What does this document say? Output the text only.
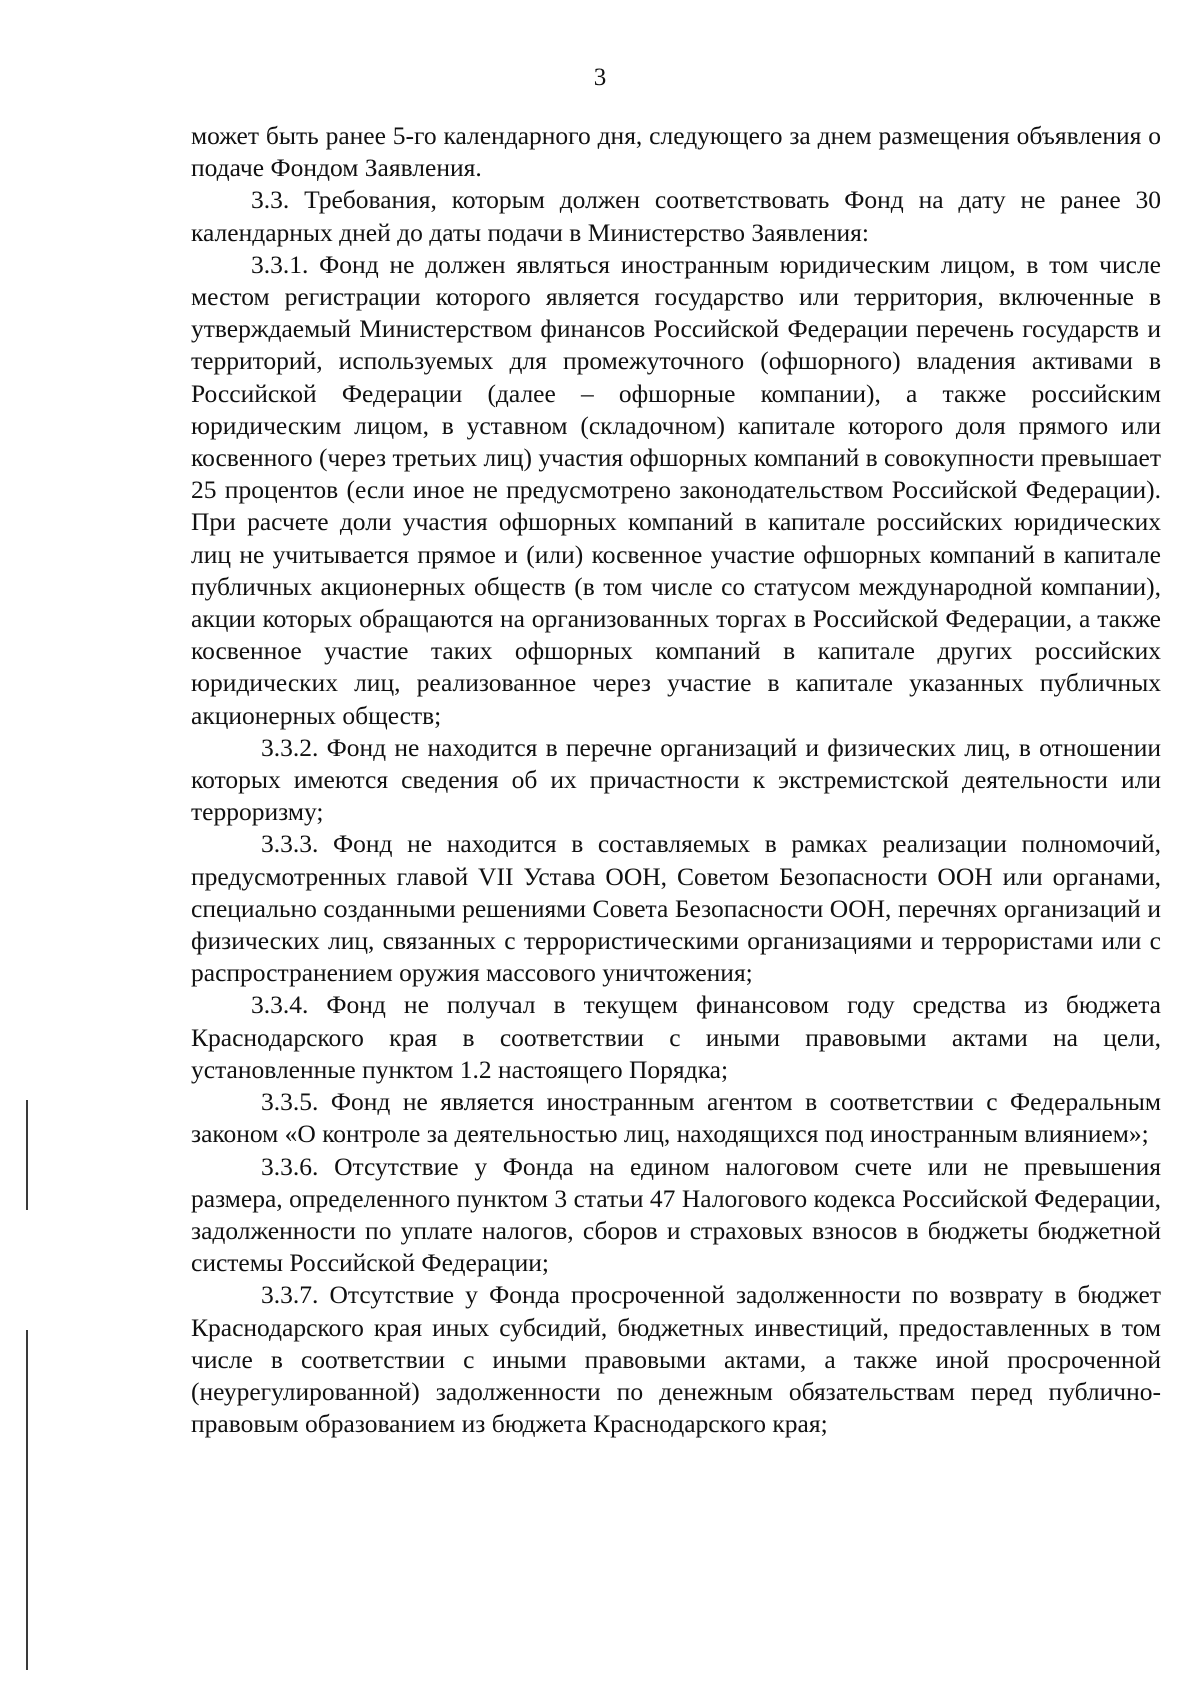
3

может быть ранее 5-го календарного дня, следующего за днем размещения объявления о подаче Фондом Заявления.

3.3. Требования, которым должен соответствовать Фонд на дату не ранее 30 календарных дней до даты подачи в Министерство Заявления:

3.3.1. Фонд не должен являться иностранным юридическим лицом, в том числе местом регистрации которого является государство или территория, включенные в утверждаемый Министерством финансов Российской Федерации перечень государств и территорий, используемых для промежуточного (офшорного) владения активами в Российской Федерации (далее – офшорные компании), а также российским юридическим лицом, в уставном (складочном) капитале которого доля прямого или косвенного (через третьих лиц) участия офшорных компаний в совокупности превышает 25 процентов (если иное не предусмотрено законодательством Российской Федерации). При расчете доли участия офшорных компаний в капитале российских юридических лиц не учитывается прямое и (или) косвенное участие офшорных компаний в капитале публичных акционерных обществ (в том числе со статусом международной компании), акции которых обращаются на организованных торгах в Российской Федерации, а также косвенное участие таких офшорных компаний в капитале других российских юридических лиц, реализованное через участие в капитале указанных публичных акционерных обществ;

3.3.2. Фонд не находится в перечне организаций и физических лиц, в отношении которых имеются сведения об их причастности к экстремистской деятельности или терроризму;

3.3.3. Фонд не находится в составляемых в рамках реализации полномочий, предусмотренных главой VII Устава ООН, Советом Безопасности ООН или органами, специально созданными решениями Совета Безопасности ООН, перечнях организаций и физических лиц, связанных с террористическими организациями и террористами или с распространением оружия массового уничтожения;

3.3.4. Фонд не получал в текущем финансовом году средства из бюджета Краснодарского края в соответствии с иными правовыми актами на цели, установленные пунктом 1.2 настоящего Порядка;

3.3.5. Фонд не является иностранным агентом в соответствии с Федеральным законом «О контроле за деятельностью лиц, находящихся под иностранным влиянием»;

3.3.6. Отсутствие у Фонда на едином налоговом счете или не превышения размера, определенного пунктом 3 статьи 47 Налогового кодекса Российской Федерации, задолженности по уплате налогов, сборов и страховых взносов в бюджеты бюджетной системы Российской Федерации;

3.3.7. Отсутствие у Фонда просроченной задолженности по возврату в бюджет Краснодарского края иных субсидий, бюджетных инвестиций, предоставленных в том числе в соответствии с иными правовыми актами, а также иной просроченной (неурегулированной) задолженности по денежным обязательствам перед публично-правовым образованием из бюджета Краснодарского края;
